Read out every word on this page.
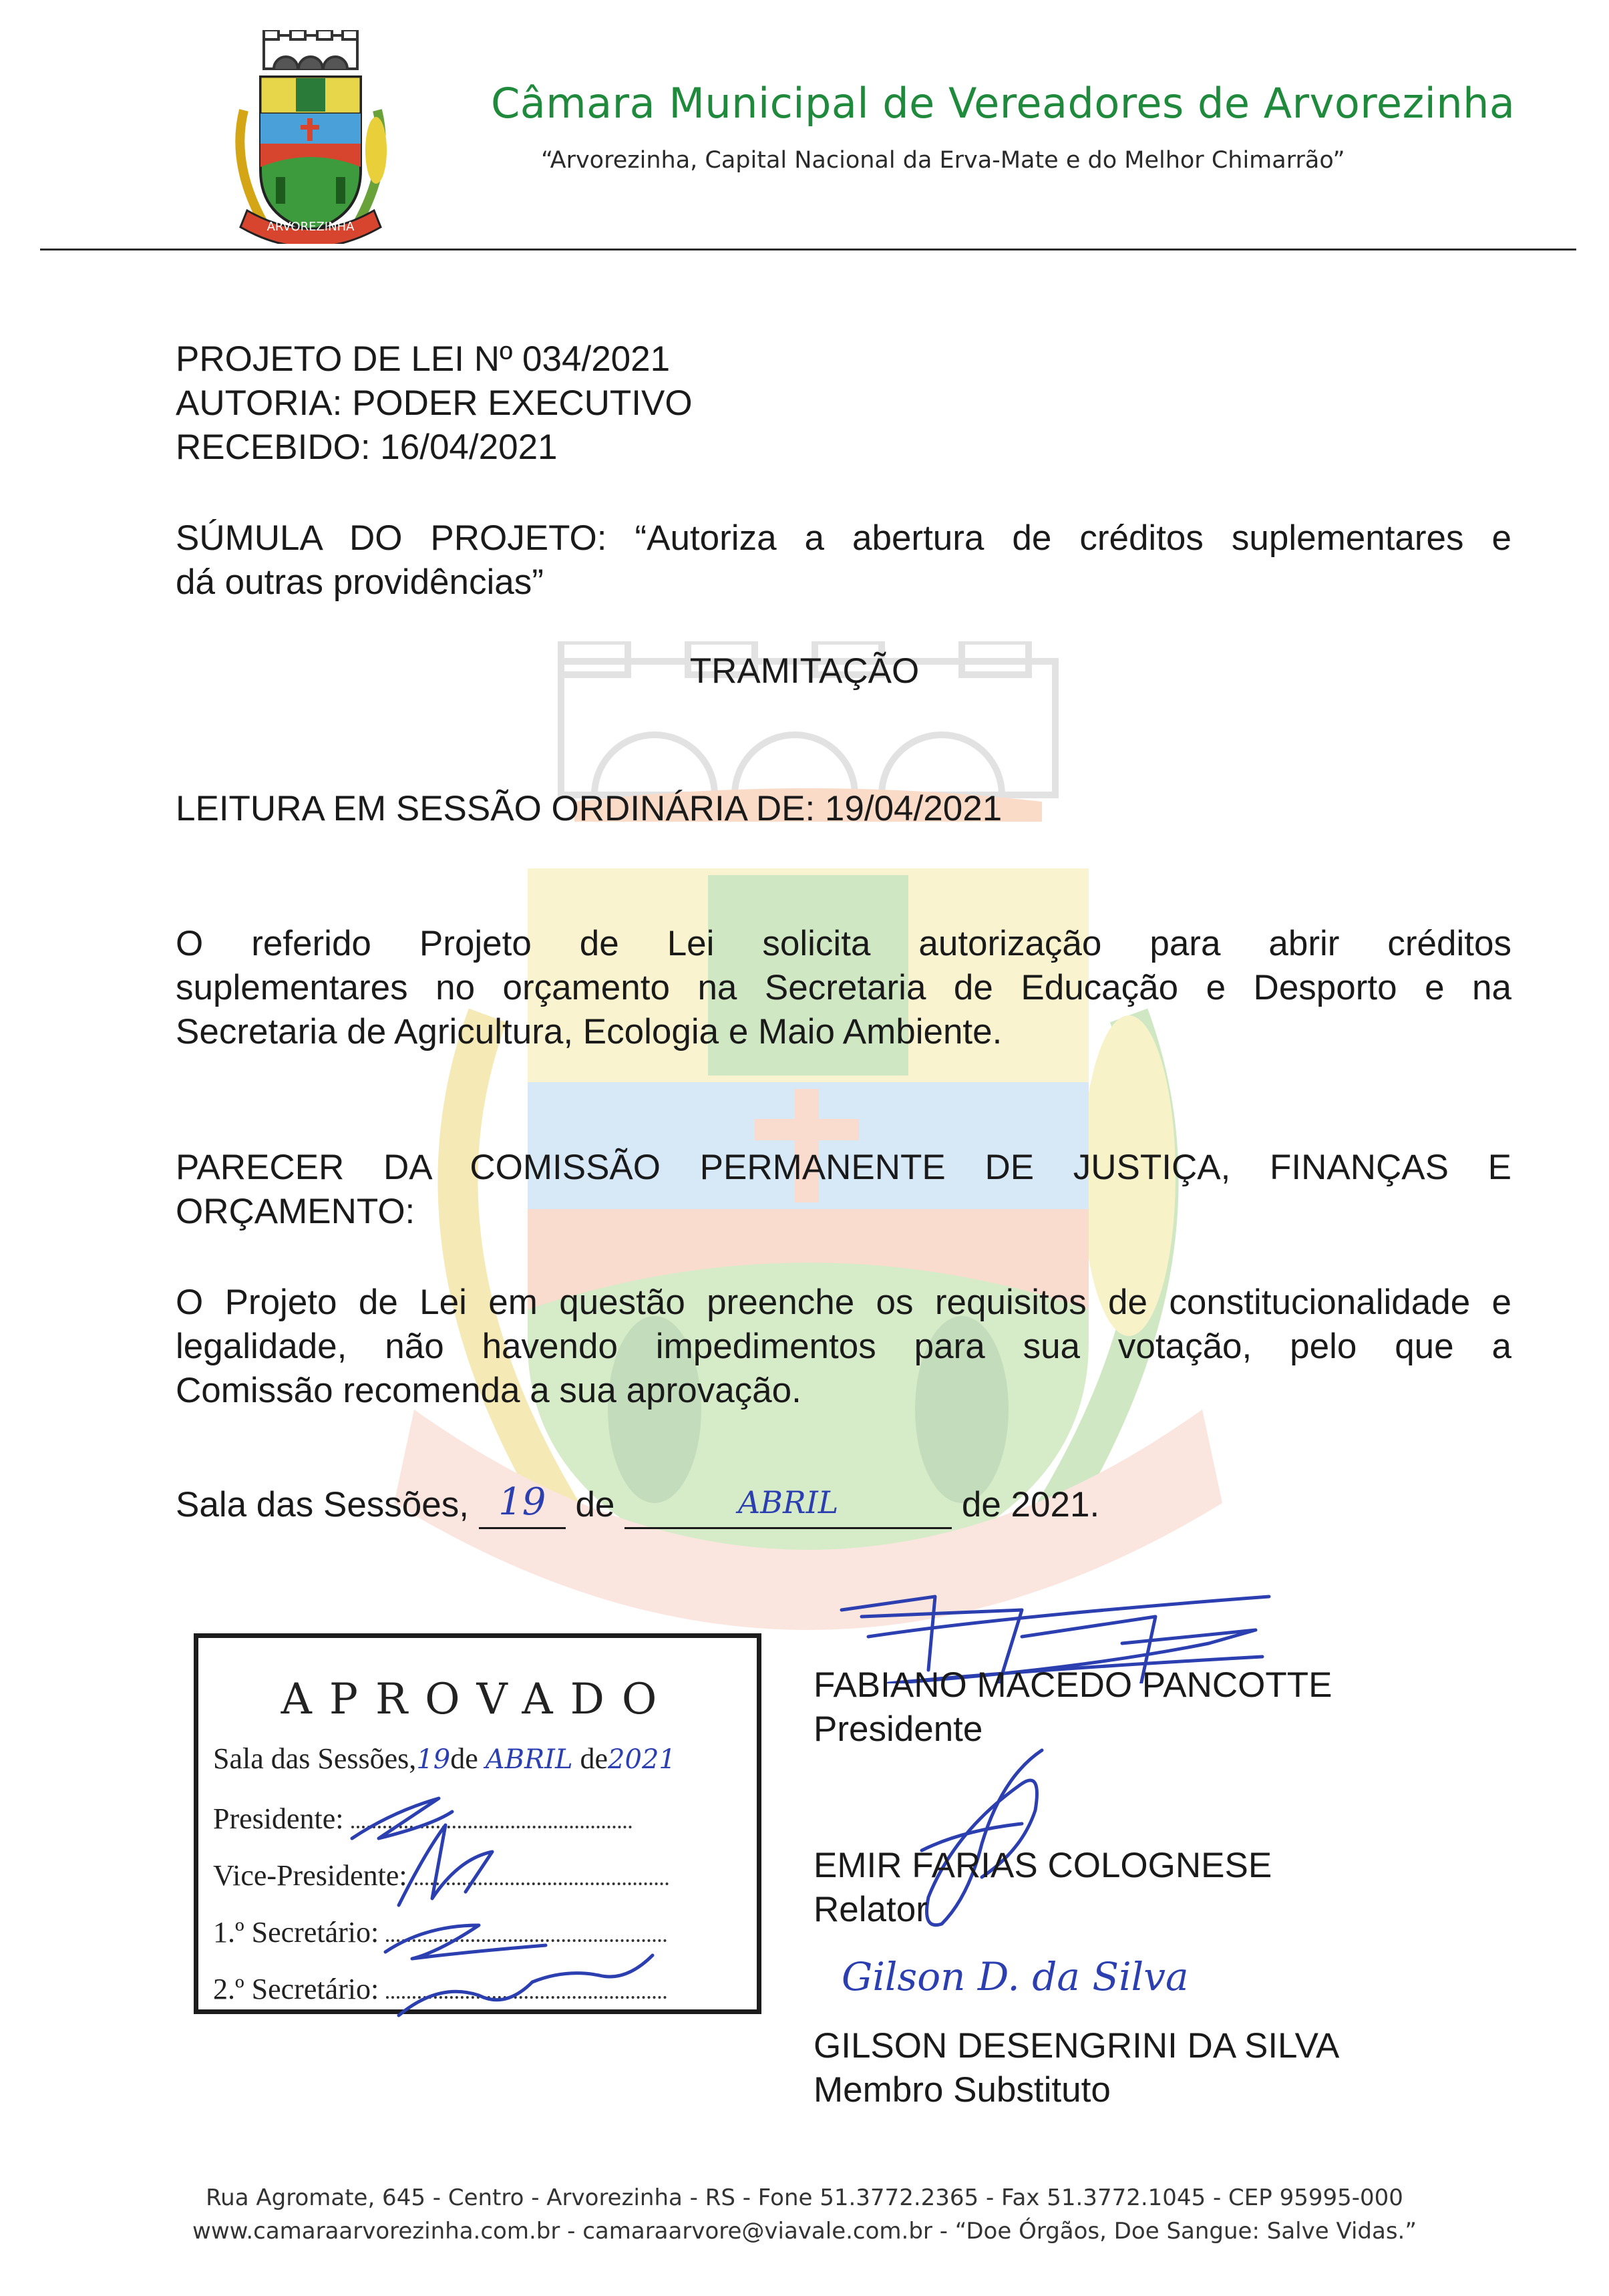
ARVOREZINHA
Câmara Municipal de Vereadores de Arvorezinha
“Arvorezinha, Capital Nacional da Erva-Mate e do Melhor Chimarrão”
PROJETO DE LEI Nº 034/2021
AUTORIA: PODER EXECUTIVO
RECEBIDO: 16/04/2021
SÚMULA DO PROJETO: “Autoriza a abertura de créditos suplementares e
dá outras providências”
TRAMITAÇÃO
LEITURA EM SESSÃO ORDINÁRIA DE: 19/04/2021
O referido Projeto de Lei solicita autorização para abrir créditos
suplementares no orçamento na Secretaria de Educação e Desporto e na
Secretaria de Agricultura, Ecologia e Maio Ambiente.
PARECER DA COMISSÃO PERMANENTE DE JUSTIÇA, FINANÇAS E
ORÇAMENTO:
O Projeto de Lei em questão preenche os requisitos de constitucionalidade e
legalidade, não havendo impedimentos para sua votação, pelo que a
Comissão recomenda a sua aprovação.
Sala das Sessões, 19 de	ABRIL	de 2021.
APROVADO
Sala das Sessões,19de ABRIL de2021
Presidente:
Vice-Presidente:
1.º Secretário:
2.º Secretário:
FABIANO MACEDO PANCOTTE
Presidente
EMIR FARIAS COLOGNESE
Relator
Gilson D. da Silva
GILSON DESENGRINI DA SILVA
Membro Substituto
Rua Agromate, 645 - Centro - Arvorezinha - RS - Fone 51.3772.2365 - Fax 51.3772.1045 - CEP 95995-000
www.camaraarvorezinha.com.br - camaraarvore@viavale.com.br - “Doe Órgãos, Doe Sangue: Salve Vidas.”
